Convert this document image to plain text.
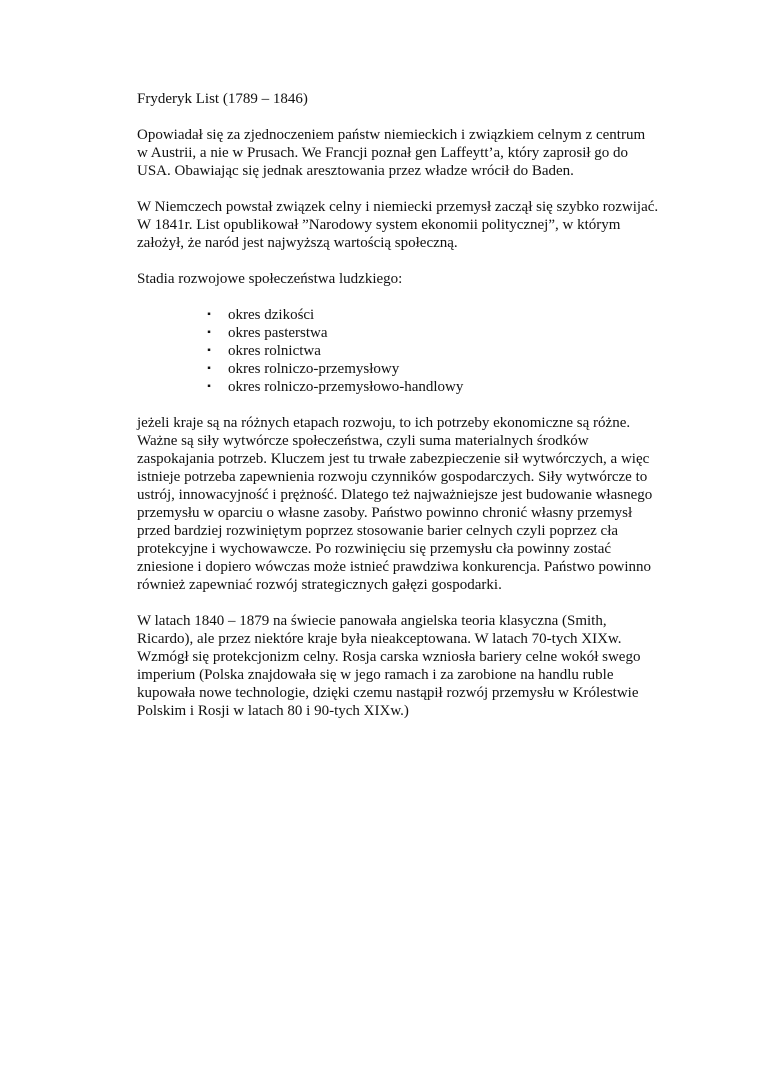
Fryderyk List (1789 – 1846)
Opowiadał się za zjednoczeniem państw niemieckich i związkiem celnym z centrum
w Austrii, a nie w Prusach. We Francji poznał gen Laffeytt’a, który zaprosił go do
USA. Obawiając się jednak aresztowania przez władze wrócił do Baden.
W Niemczech powstał związek celny i niemiecki przemysł zaczął się szybko rozwijać.
W 1841r. List opublikował ”Narodowy system ekonomii politycznej”, w którym
założył, że naród jest najwyższą wartością społeczną.
Stadia rozwojowe społeczeństwa ludzkiego:
▪ okres dzikości
▪ okres pasterstwa
▪ okres rolnictwa
▪ okres rolniczo-przemysłowy
▪ okres rolniczo-przemysłowo-handlowy
jeżeli kraje są na różnych etapach rozwoju, to ich potrzeby ekonomiczne są różne.
Ważne są siły wytwórcze społeczeństwa, czyli suma materialnych środków
zaspokajania potrzeb. Kluczem jest tu trwałe zabezpieczenie sił wytwórczych, a więc
istnieje potrzeba zapewnienia rozwoju czynników gospodarczych. Siły wytwórcze to
ustrój, innowacyjność i prężność. Dlatego też najważniejsze jest budowanie własnego
przemysłu w oparciu o własne zasoby. Państwo powinno chronić własny przemysł
przed bardziej rozwiniętym poprzez stosowanie barier celnych czyli poprzez cła
protekcyjne i wychowawcze. Po rozwinięciu się przemysłu cła powinny zostać
zniesione i dopiero wówczas może istnieć prawdziwa konkurencja. Państwo powinno
również zapewniać rozwój strategicznych gałęzi gospodarki.
W latach 1840 – 1879 na świecie panowała angielska teoria klasyczna (Smith,
Ricardo), ale przez niektóre kraje była nieakceptowana. W latach 70-tych XIXw.
Wzmógł się protekcjonizm celny. Rosja carska wzniosła bariery celne wokół swego
imperium (Polska znajdowała się w jego ramach i za zarobione na handlu ruble
kupowała nowe technologie, dzięki czemu nastąpił rozwój przemysłu w Królestwie
Polskim i Rosji w latach 80 i 90-tych XIXw.)
